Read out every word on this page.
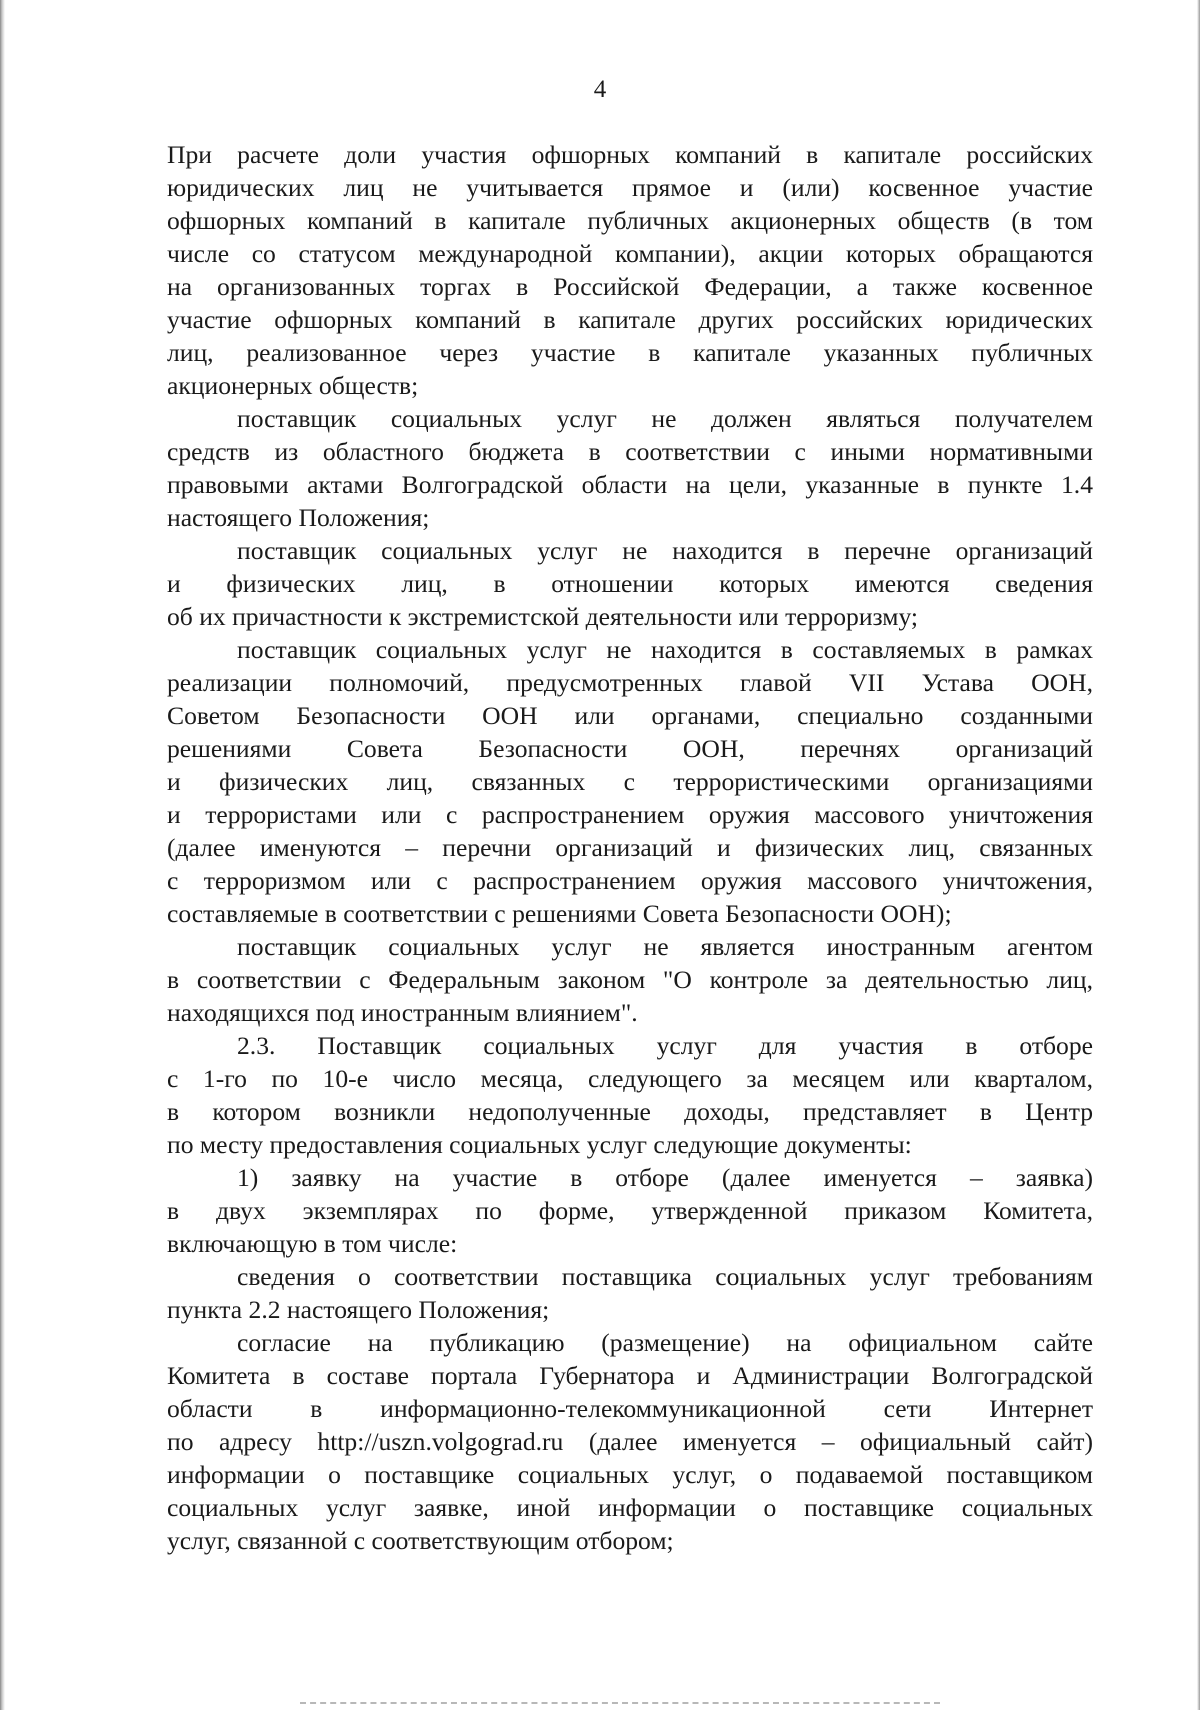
4
При расчете доли участия офшорных компаний в капитале российских
юридических лиц не учитывается прямое и (или) косвенное участие
офшорных компаний в капитале публичных акционерных обществ (в том
числе со статусом международной компании), акции которых обращаются
на организованных торгах в Российской Федерации, а также косвенное
участие офшорных компаний в капитале других российских юридических
лиц, реализованное через участие в капитале указанных публичных
акционерных обществ;
поставщик социальных услуг не должен являться получателем
средств из областного бюджета в соответствии с иными нормативными
правовыми актами Волгоградской области на цели, указанные в пункте 1.4
настоящего Положения;
поставщик социальных услуг не находится в перечне организаций
и физических лиц, в отношении которых имеются сведения
об их причастности к экстремистской деятельности или терроризму;
поставщик социальных услуг не находится в составляемых в рамках
реализации полномочий, предусмотренных главой VII Устава ООН,
Советом Безопасности ООН или органами, специально созданными
решениями Совета Безопасности ООН, перечнях организаций
и физических лиц, связанных с террористическими организациями
и террористами или с распространением оружия массового уничтожения
(далее именуются – перечни организаций и физических лиц, связанных
с терроризмом или с распространением оружия массового уничтожения,
составляемые в соответствии с решениями Совета Безопасности ООН);
поставщик социальных услуг не является иностранным агентом
в соответствии с Федеральным законом "О контроле за деятельностью лиц,
находящихся под иностранным влиянием".
2.3. Поставщик социальных услуг для участия в отборе
с 1-го по 10-е число месяца, следующего за месяцем или кварталом,
в котором возникли недополученные доходы, представляет в Центр
по месту предоставления социальных услуг следующие документы:
1) заявку на участие в отборе (далее именуется – заявка)
в двух экземплярах по форме, утвержденной приказом Комитета,
включающую в том числе:
сведения о соответствии поставщика социальных услуг требованиям
пункта 2.2 настоящего Положения;
согласие на публикацию (размещение) на официальном сайте
Комитета в составе портала Губернатора и Администрации Волгоградской
области в информационно-телекоммуникационной сети Интернет
по адресу http://uszn.volgograd.ru (далее именуется – официальный сайт)
информации о поставщике социальных услуг, о подаваемой поставщиком
социальных услуг заявке, иной информации о поставщике социальных
услуг, связанной с соответствующим отбором;
